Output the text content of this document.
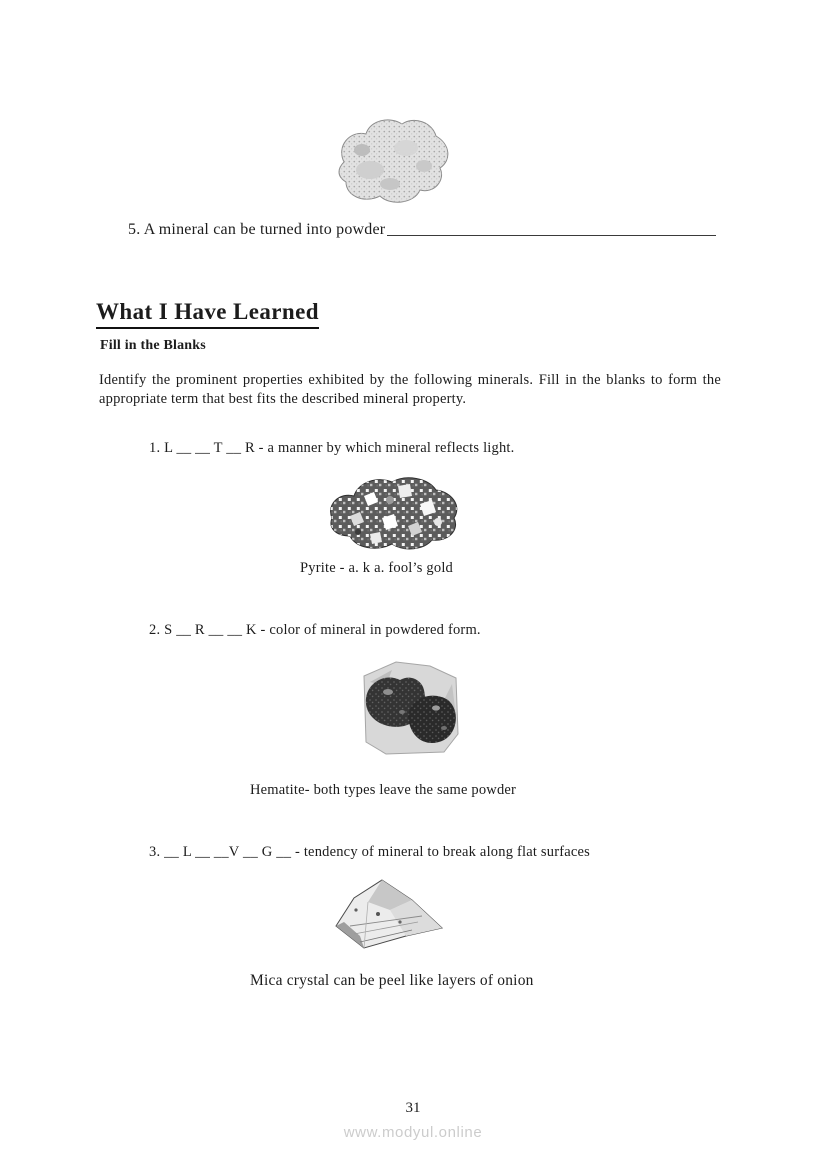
5. A mineral can be turned into powder
What I Have Learned
Fill in the Blanks

Identify the prominent properties exhibited by the following minerals. Fill in the blanks to form the appropriate term that best fits the described mineral property.

1. L __ __ T __ R - a manner by which mineral reflects light.
Pyrite - a. k a. fool’s gold
2. S __ R __ __ K - color of mineral in powdered form.
Hematite- both types leave the same powder
3. __ L __ __V __ G __ - tendency of mineral to break along flat surfaces
Mica crystal can be peel like layers of onion
31
www.modyul.online
